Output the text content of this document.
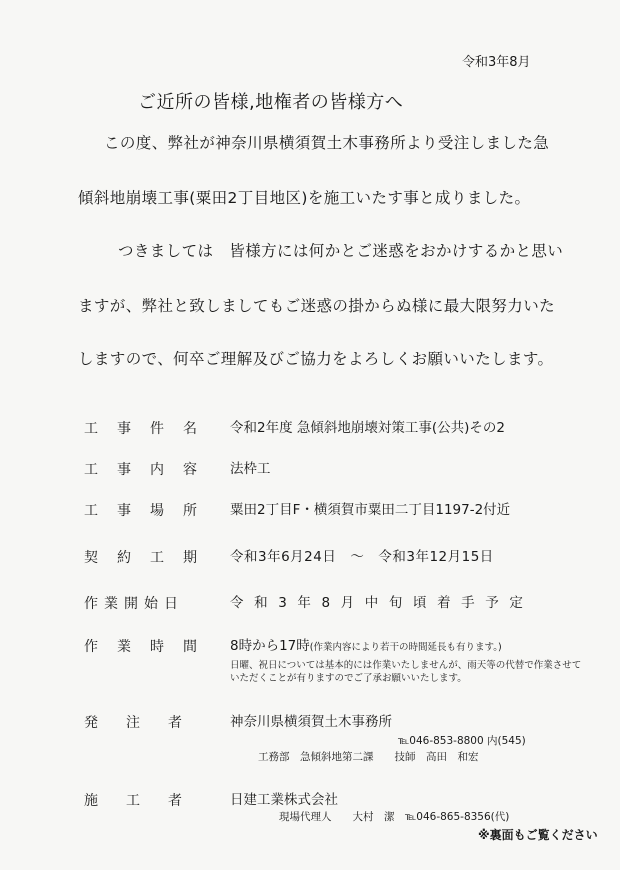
令和3年8月
ご近所の皆様,地権者の皆様方へ
この度、弊社が神奈川県横須賀土木事務所より受注しました急
傾斜地崩壊工事(粟田2丁目地区)を施工いたす事と成りました。
つきましては　皆様方には何かとご迷惑をおかけするかと思い
ますが、弊社と致しましてもご迷惑の掛からぬ様に最大限努力いた
しますので、何卒ご理解及びご協力をよろしくお願いいたします。
工事件名 令和2年度 急傾斜地崩壊対策工事(公共)その2
工事内容 法枠工
工事場所 粟田2丁目F・横須賀市粟田二丁目1197-2付近
契約工期 令和3年6月24日　～　令和3年12月15日
作業開始日	令和3年8月中旬頃着手予定
作業時間 8時から17時(作業内容により若干の時間延長も有ります。)
日曜、祝日については基本的には作業いたしませんが、雨天等の代替で作業させていただくことが有りますのでご了承お願いいたします。
発注者 神奈川県横須賀土木事務所
℡046-853-8800 内(545)
工務部　急傾斜地第二課　　技師　高田　和宏
施工者 日建工業株式会社
現場代理人　　大村　潔　℡046-865-8356(代)
※裏面もご覧ください
